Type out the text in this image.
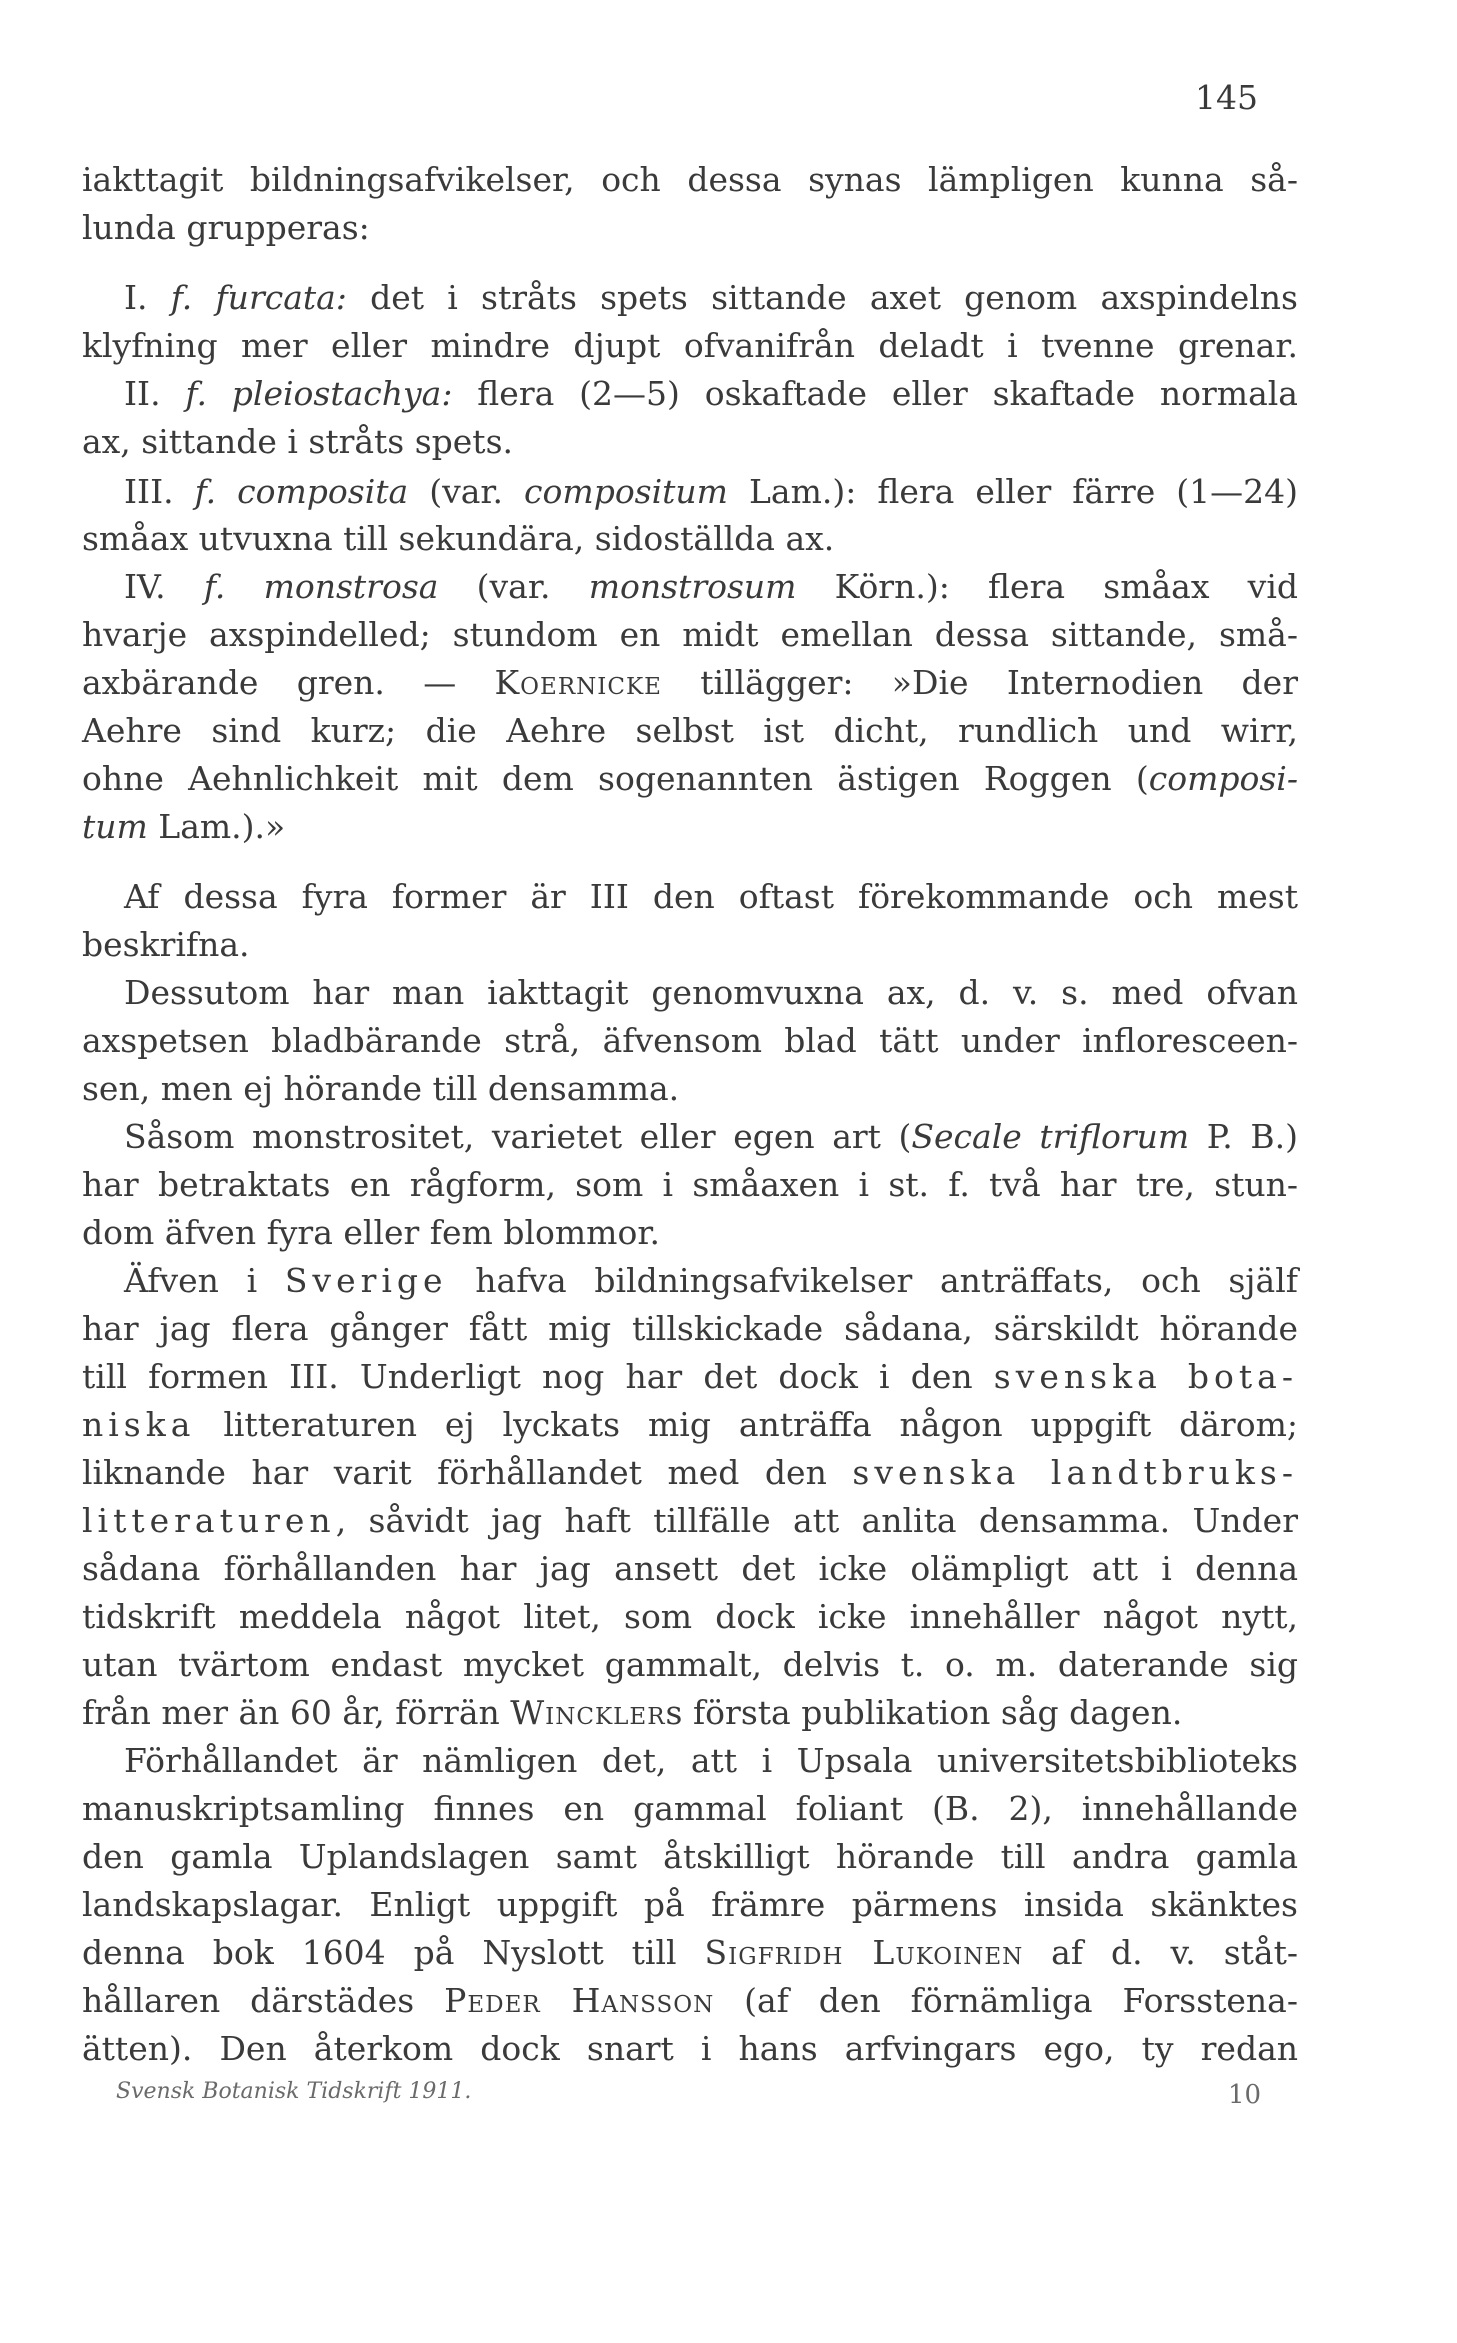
145
iakttagit bildningsafvikelser, och dessa synas lämpligen kunna så-
lunda grupperas:
I. f. furcata: det i stråts spets sittande axet genom axspindelns
klyfning mer eller mindre djupt ofvanifrån deladt i tvenne grenar.
II. f. pleiostachya: flera (2—5) oskaftade eller skaftade normala
ax, sittande i stråts spets.
III. f. composita (var. compositum Lam.): flera eller färre (1—24)
småax utvuxna till sekundära, sidoställda ax.
IV. f. monstrosa (var. monstrosum Körn.): flera småax vid
hvarje axspindelled; stundom en midt emellan dessa sittande, små-
axbärande gren. — Koernicke tillägger: »Die Internodien der
Aehre sind kurz; die Aehre selbst ist dicht, rundlich und wirr,
ohne Aehnlichkeit mit dem sogenannten ästigen Roggen (composi-
tum Lam.).»
Af dessa fyra former är III den oftast förekommande och mest
beskrifna.
Dessutom har man iakttagit genomvuxna ax, d. v. s. med ofvan
axspetsen bladbärande strå, äfvensom blad tätt under infloresceen-
sen, men ej hörande till densamma.
Såsom monstrositet, varietet eller egen art (Secale triflorum P. B.)
har betraktats en rågform, som i småaxen i st. f. två har tre, stun-
dom äfven fyra eller fem blommor.
Äfven i Sverige hafva bildningsafvikelser anträffats, och själf
har jag flera gånger fått mig tillskickade sådana, särskildt hörande
till formen III. Underligt nog har det dock i den svenska bota-
niska litteraturen ej lyckats mig anträffa någon uppgift därom;
liknande har varit förhållandet med den svenska landtbruks-
litteraturen, såvidt jag haft tillfälle att anlita densamma. Under
sådana förhållanden har jag ansett det icke olämpligt att i denna
tidskrift meddela något litet, som dock icke innehåller något nytt,
utan tvärtom endast mycket gammalt, delvis t. o. m. daterande sig
från mer än 60 år, förrän Wincklers första publikation såg dagen.
Förhållandet är nämligen det, att i Upsala universitetsbiblioteks
manuskriptsamling finnes en gammal foliant (B. 2), innehållande
den gamla Uplandslagen samt åtskilligt hörande till andra gamla
landskapslagar. Enligt uppgift på främre pärmens insida skänktes
denna bok 1604 på Nyslott till Sigfridh Lukoinen af d. v. ståt-
hållaren därstädes Peder Hansson (af den förnämliga Forsstena-
ätten). Den återkom dock snart i hans arfvingars ego, ty redan
Svensk Botanisk Tidskrift 1911.	10
